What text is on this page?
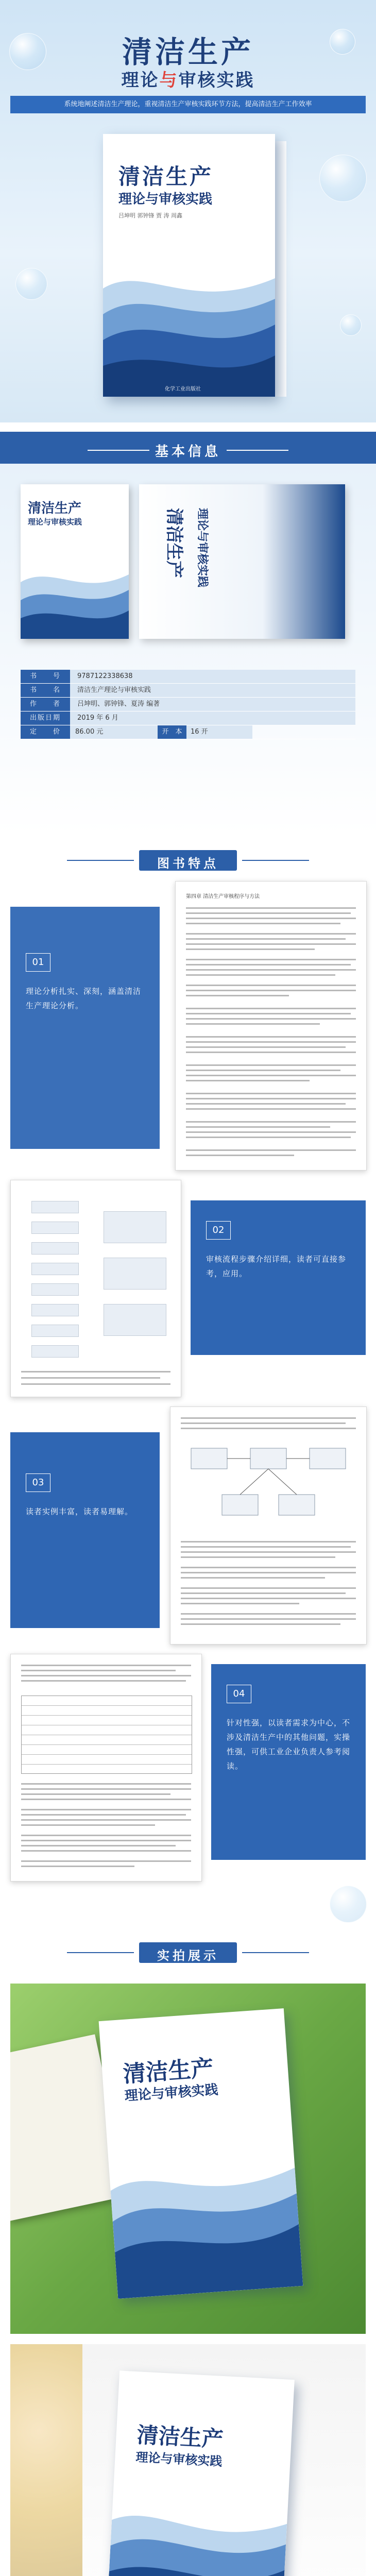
清洁生产
理论与审核实践
系统地阐述清洁生产理论，重视清洁生产审核实践环节方法，提高清洁生产工作效率
清洁生产
理论与审核实践
吕坤明 郭钟锋 贾 涛 周鑫
化学工业出版社
基本信息
清洁生产
理论与审核实践	清洁生产	理论与审核实践
书　　号	9787122338638
书　　名	清洁生产理论与审核实践
作　　者	吕坤明、郭钟锋、夏涛 编著
出版日期	2019 年 6 月
定　　价	86.00 元	开　本	16 开
图书特点
01
理论分析扎实、深刻，涵盖清洁生产理论分析。
第四章 清洁生产审核程序与方法
02
审核流程步骤介绍详细，读者可直接参考，应用。
03
读者实例丰富，读者易理解。
04
针对性强，以读者需求为中心，不涉及清洁生产中的其他问题，实操性强，可供工业企业负责人参考阅读。
实拍展示
清洁生产
理论与审核实践
清洁生产
理论与审核实践
